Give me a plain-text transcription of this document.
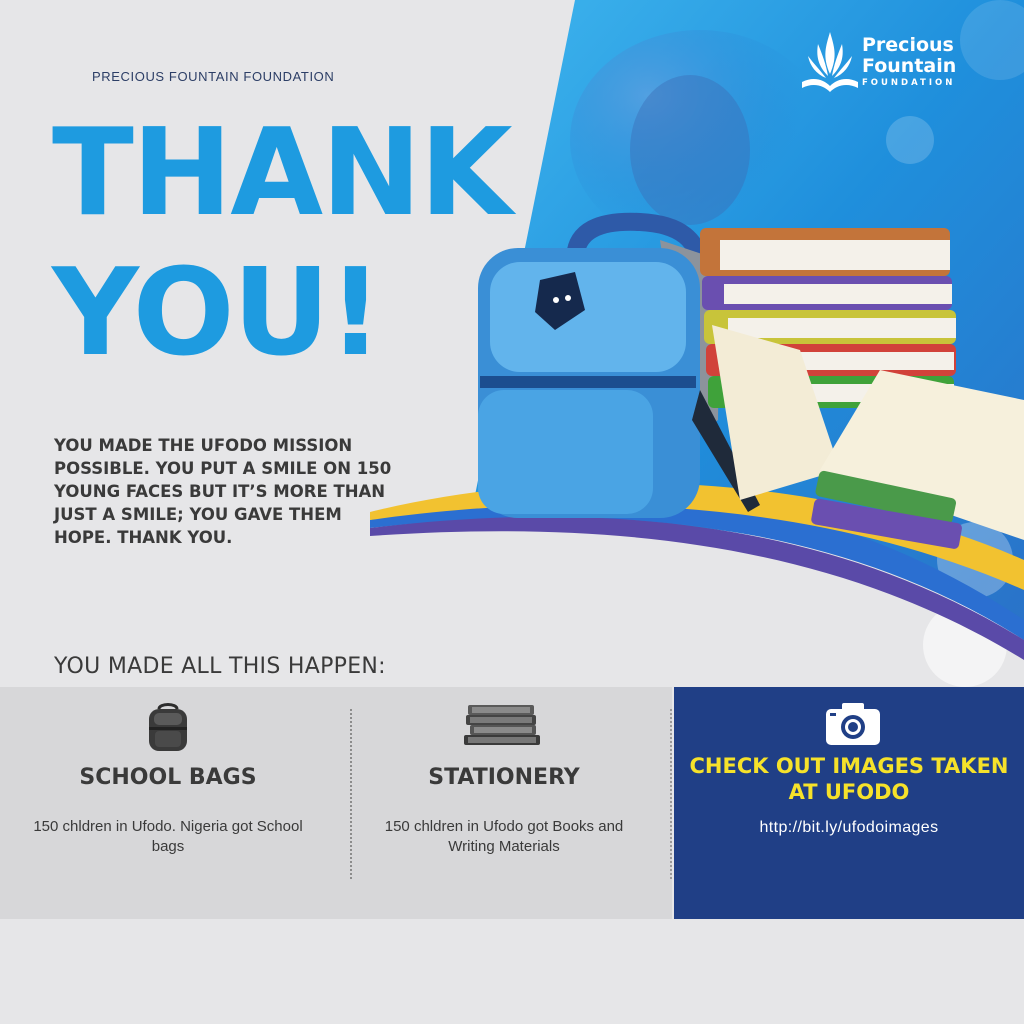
PRECIOUS FOUNTAIN FOUNDATION
Precious
Fountain
FOUNDATION
THANK
YOU!
YOU MADE THE UFODO MISSION POSSIBLE. YOU PUT A SMILE ON 150 YOUNG FACES BUT IT’S MORE THAN JUST A SMILE; YOU GAVE THEM HOPE. THANK YOU.
YOU MADE ALL THIS HAPPEN:
SCHOOL BAGS
150 chldren in Ufodo. Nigeria got School bags
STATIONERY
150 chldren in Ufodo got Books and Writing Materials
CHECK OUT IMAGES TAKEN AT UFODO
http://bit.ly/ufodoimages
